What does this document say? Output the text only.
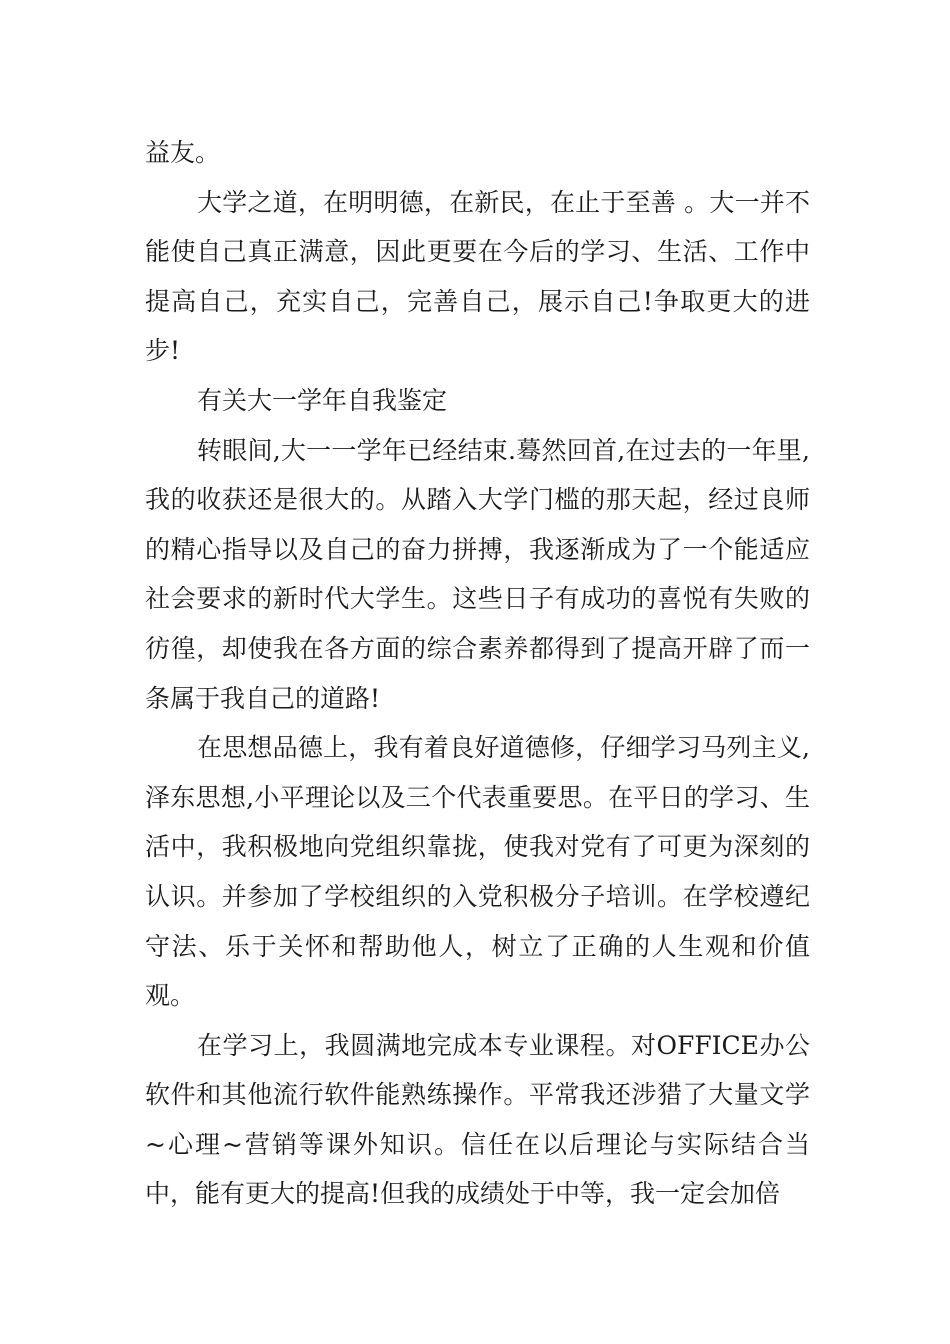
益友。

大学之道，在明明德，在新民，在止于至善 。大一并不能使自己真正满意，因此更要在今后的学习、生活、工作中提高自己，充实自己，完善自己，展示自己!争取更大的进步!

有关大一学年自我鉴定

转眼间,大一一学年已经结束.蓦然回首,在过去的一年里,我的收获还是很大的。从踏入大学门槛的那天起，经过良师的精心指导以及自己的奋力拼搏，我逐渐成为了一个能适应社会要求的新时代大学生。这些日子有成功的喜悦有失败的彷徨，却使我在各方面的综合素养都得到了提高开辟了而一条属于我自己的道路!

在思想品德上，我有着良好道德修，仔细学习马列主义,泽东思想,小平理论以及三个代表重要思。在平日的学习、生活中，我积极地向党组织靠拢，使我对党有了可更为深刻的认识。并参加了学校组织的入党积极分子培训。在学校遵纪守法、乐于关怀和帮助他人，树立了正确的人生观和价值观。

在学习上，我圆满地完成本专业课程。对OFFICE办公软件和其他流行软件能熟练操作。平常我还涉猎了大量文学~心理~营销等课外知识。信任在以后理论与实际结合当中，能有更大的提高!但我的成绩处于中等，我一定会加倍
